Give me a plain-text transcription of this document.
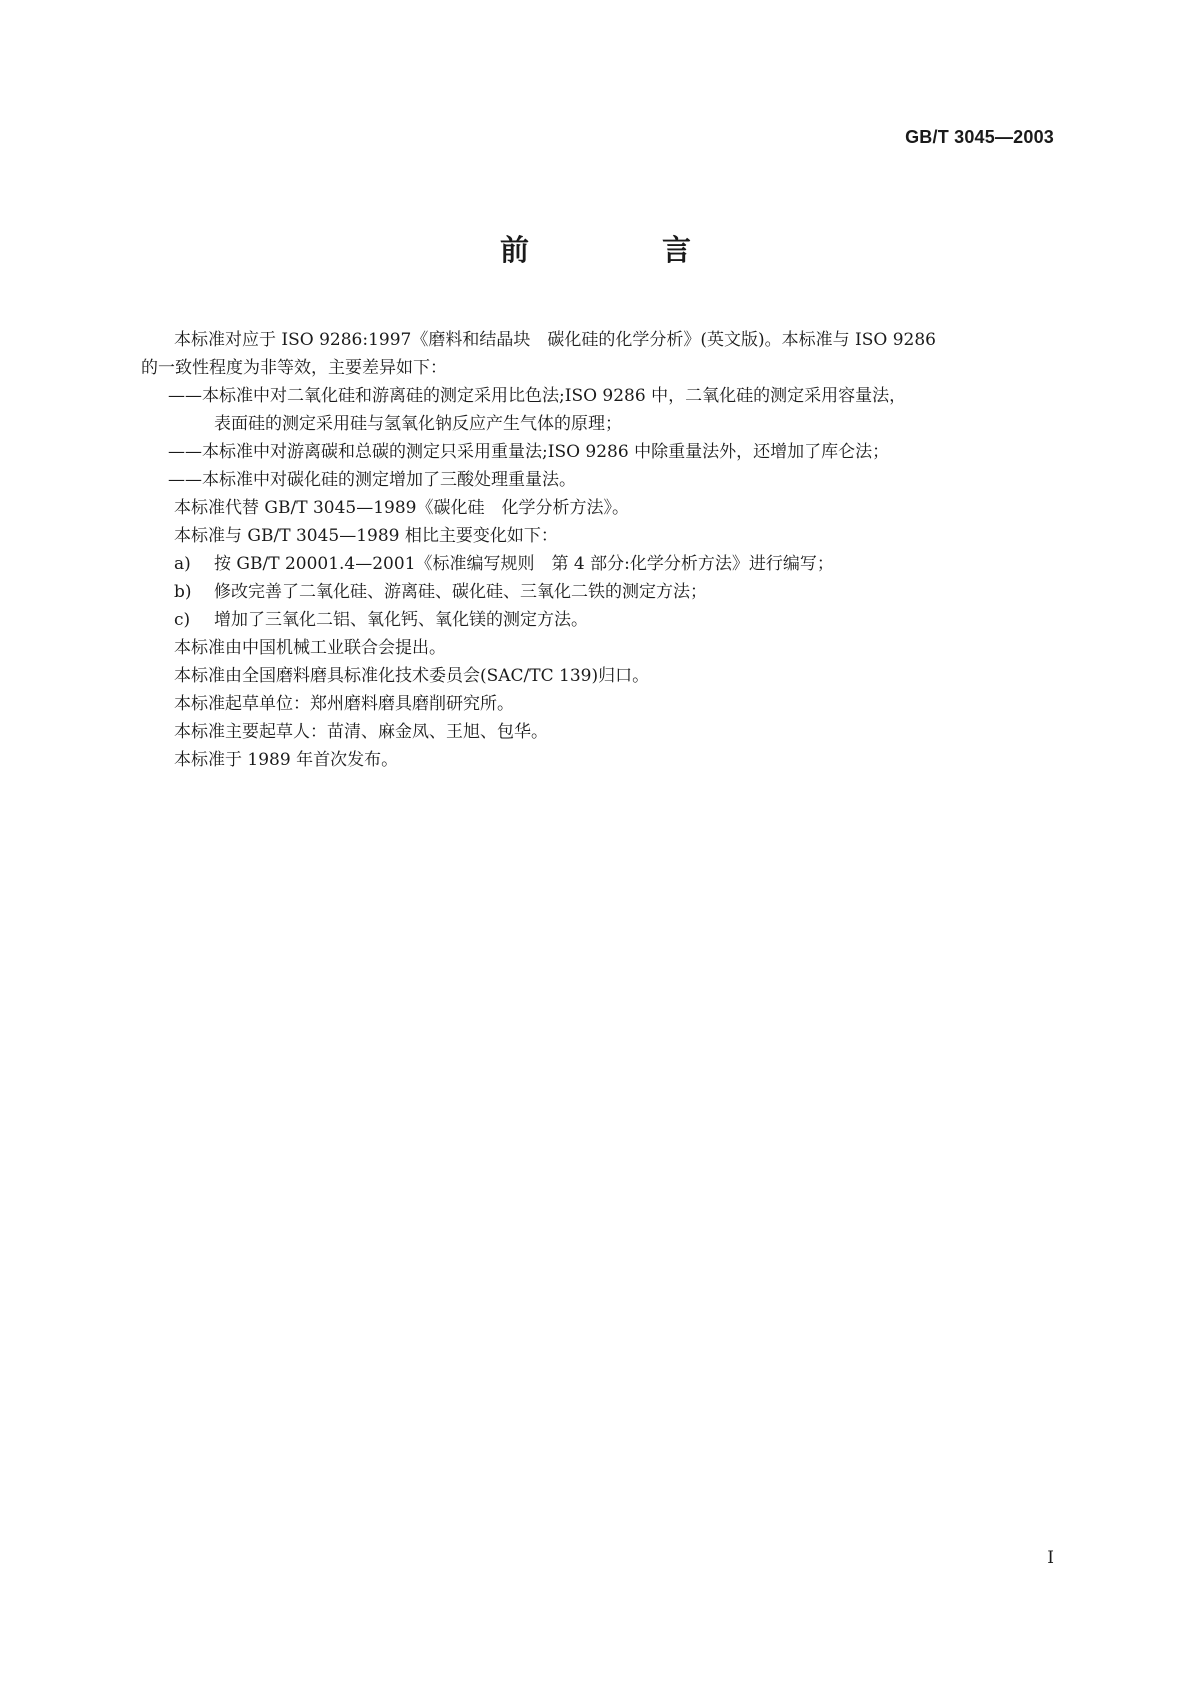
GB/T 3045—2003
前　言
本标准对应于 ISO 9286:1997《磨料和结晶块　碳化硅的化学分析》(英文版)。本标准与 ISO 9286
的一致性程度为非等效，主要差异如下：
——本标准中对二氧化硅和游离硅的测定采用比色法;ISO 9286 中，二氧化硅的测定采用容量法，
表面硅的测定采用硅与氢氧化钠反应产生气体的原理；
——本标准中对游离碳和总碳的测定只采用重量法;ISO 9286 中除重量法外，还增加了库仑法；
——本标准中对碳化硅的测定增加了三酸处理重量法。
本标准代替 GB/T 3045—1989《碳化硅　化学分析方法》。
本标准与 GB/T 3045—1989 相比主要变化如下：
a) 按 GB/T 20001.4—2001《标准编写规则　第 4 部分:化学分析方法》进行编写；
b) 修改完善了二氧化硅、游离硅、碳化硅、三氧化二铁的测定方法；
c) 增加了三氧化二铝、氧化钙、氧化镁的测定方法。
本标准由中国机械工业联合会提出。
本标准由全国磨料磨具标准化技术委员会(SAC/TC 139)归口。
本标准起草单位：郑州磨料磨具磨削研究所。
本标准主要起草人：苗清、麻金凤、王旭、包华。
本标准于 1989 年首次发布。
I
